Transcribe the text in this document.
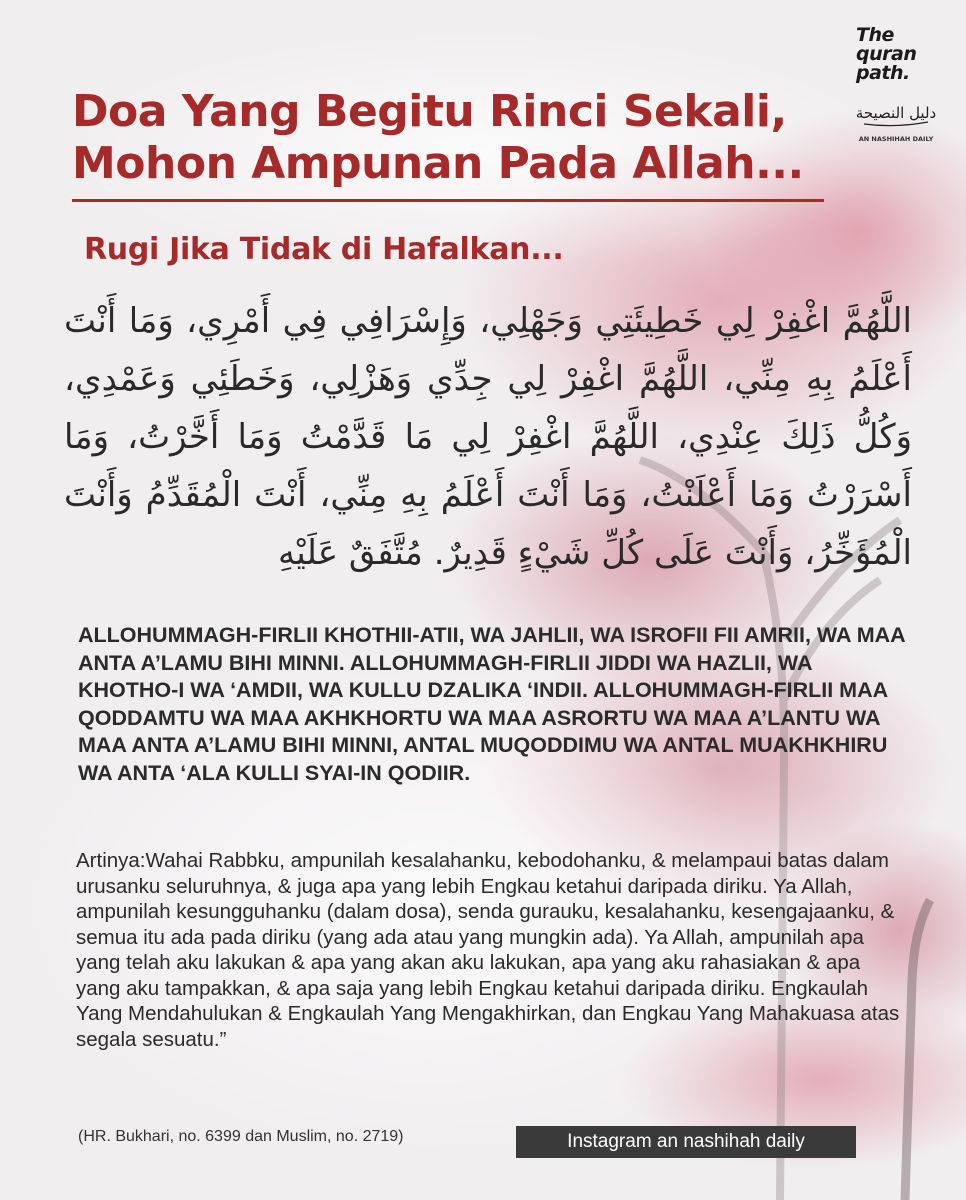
The quran path.
دليل النصيحة
AN NASHIHAH DAILY
Doa Yang Begitu Rinci Sekali, Mohon Ampunan Pada Allah...
Rugi Jika Tidak di Hafalkan...

اللَّهُمَّ اغْفِرْ لِي خَطِيئَتِي وَجَهْلِي، وَإِسْرَافِي فِي أَمْرِي، وَمَا أَنْتَ أَعْلَمُ بِهِ مِنِّي، اللَّهُمَّ اغْفِرْ لِي جِدِّي وَهَزْلِي، وَخَطَئِي وَعَمْدِي، وَكُلُّ ذَلِكَ عِنْدِي، اللَّهُمَّ اغْفِرْ لِي مَا قَدَّمْتُ وَمَا أَخَّرْتُ، وَمَا أَسْرَرْتُ وَمَا أَعْلَنْتُ، وَمَا أَنْتَ أَعْلَمُ بِهِ مِنِّي، أَنْتَ الْمُقَدِّمُ وَأَنْتَ الْمُؤَخِّرُ، وَأَنْتَ عَلَى كُلِّ شَيْءٍ قَدِيرٌ. مُتَّفَقٌ عَلَيْهِ

ALLOHUMMAGH-FIRLII KHOTHII-ATII, WA JAHLII, WA ISROFII FII AMRII, WA MAA ANTA A’LAMU BIHI MINNI. ALLOHUMMAGH-FIRLII JIDDI WA HAZLII, WA KHOTHO-I WA ‘AMDII, WA KULLU DZALIKA ‘INDII. ALLOHUMMAGH-FIRLII MAA QODDAMTU WA MAA AKHKHORTU WA MAA ASRORTU WA MAA A’LANTU WA MAA ANTA A’LAMU BIHI MINNI, ANTAL MUQODDIMU WA ANTAL MUAKHKHIRU WA ANTA ‘ALA KULLI SYAI-IN QODIIR.

Artinya:Wahai Rabbku, ampunilah kesalahanku, kebodohanku, & melampaui batas dalam urusanku seluruhnya, & juga apa yang lebih Engkau ketahui daripada diriku. Ya Allah, ampunilah kesungguhanku (dalam dosa), senda gurauku, kesalahanku, kesengajaanku, & semua itu ada pada diriku (yang ada atau yang mungkin ada). Ya Allah, ampunilah apa yang telah aku lakukan & apa yang akan aku lakukan, apa yang aku rahasiakan & apa yang aku tampakkan, & apa saja yang lebih Engkau ketahui daripada diriku. Engkaulah Yang Mendahulukan & Engkaulah Yang Mengakhirkan, dan Engkau Yang Mahakuasa atas segala sesuatu.”

(HR. Bukhari, no. 6399 dan Muslim, no. 2719)	Instagram an nashihah daily
